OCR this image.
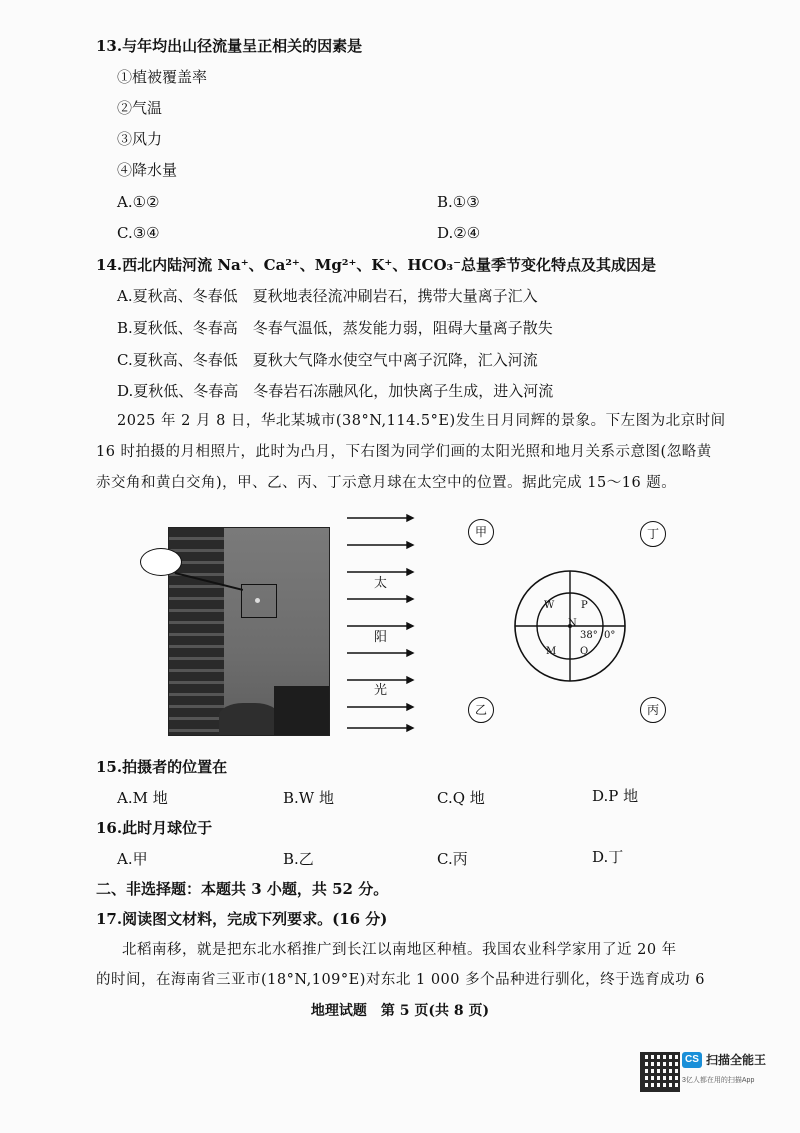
13.与年均出山径流量呈正相关的因素是
①植被覆盖率
②气温
③风力
④降水量
A.①②	B.①③
C.③④	D.②④
14.西北内陆河流 Na⁺、Ca²⁺、Mg²⁺、K⁺、HCO₃⁻总量季节变化特点及其成因是
A.夏秋高、冬春低　夏秋地表径流冲刷岩石，携带大量离子汇入
B.夏秋低、冬春高　冬春气温低，蒸发能力弱，阻碍大量离子散失
C.夏秋高、冬春低　夏秋大气降水使空气中离子沉降，汇入河流
D.夏秋低、冬春高　冬春岩石冻融风化，加快离子生成，进入河流
2025 年 2 月 8 日，华北某城市(38°N,114.5°E)发生日月同辉的景象。下左图为北京时间
16 时拍摄的月相照片，此时为凸月，下右图为同学们画的太阳光照和地月关系示意图(忽略黄
赤交角和黄白交角)，甲、乙、丙、丁示意月球在太空中的位置。据此完成 15～16 题。
太
阳
光
甲	丁
乙	丙
W	P
N
M Q
38° 0°
15.拍摄者的位置在
A.M 地	B.W 地	C.Q 地	D.P 地
16.此时月球位于
A.甲	B.乙	C.丙	D.丁
二、非选择题：本题共 3 小题，共 52 分。
17.阅读图文材料，完成下列要求。(16 分)
北稻南移，就是把东北水稻推广到长江以南地区种植。我国农业科学家用了近 20 年
的时间，在海南省三亚市(18°N,109°E)对东北 1 000 多个品种进行驯化，终于选育成功 6
地理试题　第 5 页(共 8 页)
CS 扫描全能王
3亿人都在用的扫描App
